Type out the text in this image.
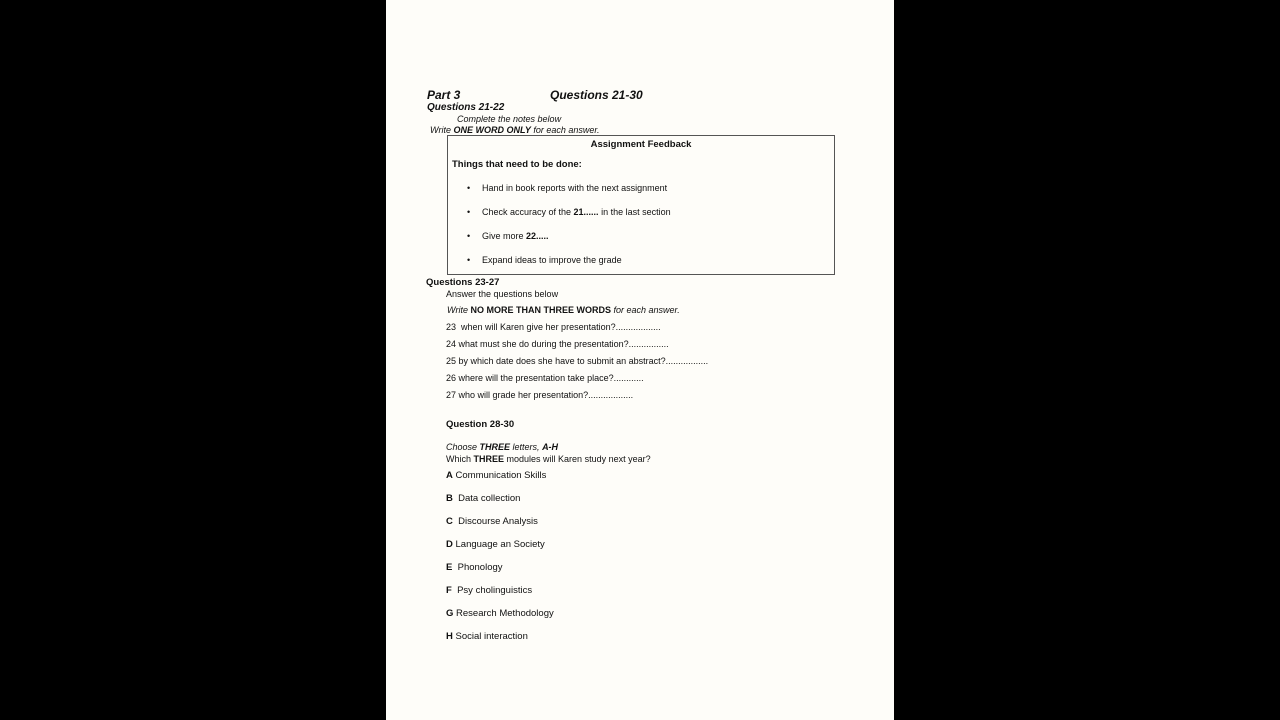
Part 3	Questions 21-30
Questions 21-22
Complete the notes below
Write ONE WORD ONLY for each answer.
Assignment Feedback
Things that need to be done:
• Hand in book reports with the next assignment
• Check accuracy of the 21...... in the last section
• Give more 22.....
• Expand ideas to improve the grade
Questions 23-27
Answer the questions below
Write NO MORE THAN THREE WORDS for each answer.
23  when will Karen give her presentation?..................
24 what must she do during the presentation?................
25 by which date does she have to submit an abstract?.................
26 where will the presentation take place?............
27 who will grade her presentation?..................
Question 28-30
Choose THREE letters, A-H
Which THREE modules will Karen study next year?
A Communication Skills
B  Data collection
C  Discourse Analysis
D Language an Society
E  Phonology
F  Psy cholinguistics
G Research Methodology
H Social interaction
